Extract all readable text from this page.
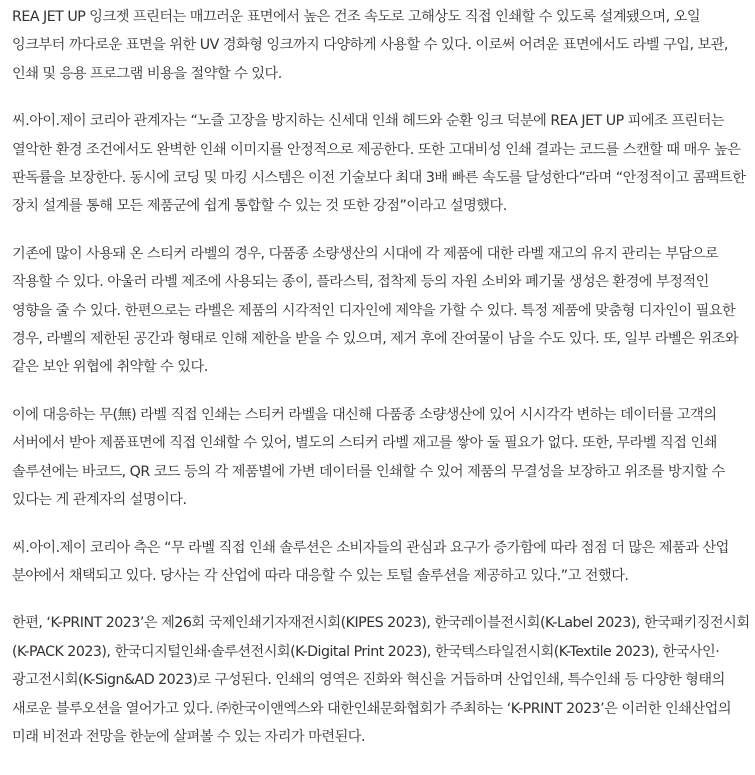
REA JET UP 잉크젯 프린터는 매끄러운 표면에서 높은 건조 속도로 고해상도 직접 인쇄할 수 있도록 설계됐으며, 오일 잉크부터 까다로운 표면을 위한 UV 경화형 잉크까지 다양하게 사용할 수 있다. 이로써 어려운 표면에서도 라벨 구입, 보관, 인쇄 및 응용 프로그램 비용을 절약할 수 있다.

씨.아이.제이 코리아 관계자는 “노즐 고장을 방지하는 신세대 인쇄 헤드와 순환 잉크 덕분에 REA JET UP 피에조 프린터는 열악한 환경 조건에서도 완벽한 인쇄 이미지를 안정적으로 제공한다. 또한 고대비성 인쇄 결과는 코드를 스캔할 때 매우 높은 판독률을 보장한다. 동시에 코딩 및 마킹 시스템은 이전 기술보다 최대 3배 빠른 속도를 달성한다”라며 “안정적이고 콤팩트한 장치 설계를 통해 모든 제품군에 쉽게 통합할 수 있는 것 또한 강점”이라고 설명했다.

기존에 많이 사용돼 온 스티커 라벨의 경우, 다품종 소량생산의 시대에 각 제품에 대한 라벨 재고의 유지 관리는 부담으로 작용할 수 있다. 아울러 라벨 제조에 사용되는 종이, 플라스틱, 접착제 등의 자원 소비와 폐기물 생성은 환경에 부정적인 영향을 줄 수 있다. 한편으로는 라벨은 제품의 시각적인 디자인에 제약을 가할 수 있다. 특정 제품에 맞춤형 디자인이 필요한 경우, 라벨의 제한된 공간과 형태로 인해 제한을 받을 수 있으며, 제거 후에 잔여물이 남을 수도 있다. 또, 일부 라벨은 위조와 같은 보안 위협에 취약할 수 있다.

이에 대응하는 무(無) 라벨 직접 인쇄는 스티커 라벨을 대신해 다품종 소량생산에 있어 시시각각 변하는 데이터를 고객의 서버에서 받아 제품표면에 직접 인쇄할 수 있어, 별도의 스티커 라벨 재고를 쌓아 둘 필요가 없다. 또한, 무라벨 직접 인쇄 솔루션에는 바코드, QR 코드 등의 각 제품별에 가변 데이터를 인쇄할 수 있어 제품의 무결성을 보장하고 위조를 방지할 수 있다는 게 관계자의 설명이다.

씨.아이.제이 코리아 측은 “무 라벨 직접 인쇄 솔루션은 소비자들의 관심과 요구가 증가함에 따라 점점 더 많은 제품과 산업 분야에서 채택되고 있다. 당사는 각 산업에 따라 대응할 수 있는 토털 솔루션을 제공하고 있다.”고 전했다.

한편, ‘K-PRINT 2023’은 제26회 국제인쇄기자재전시회(KIPES 2023), 한국레이블전시회(K-Label 2023), 한국패키징전시회(K-PACK 2023), 한국디지털인쇄·솔루션전시회(K-Digital Print 2023), 한국텍스타일전시회(K-Textile 2023), 한국사인·광고전시회(K-Sign&AD 2023)로 구성된다. 인쇄의 영역은 진화와 혁신을 거듭하며 산업인쇄, 특수인쇄 등 다양한 형태의 새로운 블루오션을 열어가고 있다. ㈜한국이앤엑스와 대한인쇄문화협회가 주최하는 ‘K-PRINT 2023’은 이러한 인쇄산업의 미래 비전과 전망을 한눈에 살펴볼 수 있는 자리가 마련된다.
